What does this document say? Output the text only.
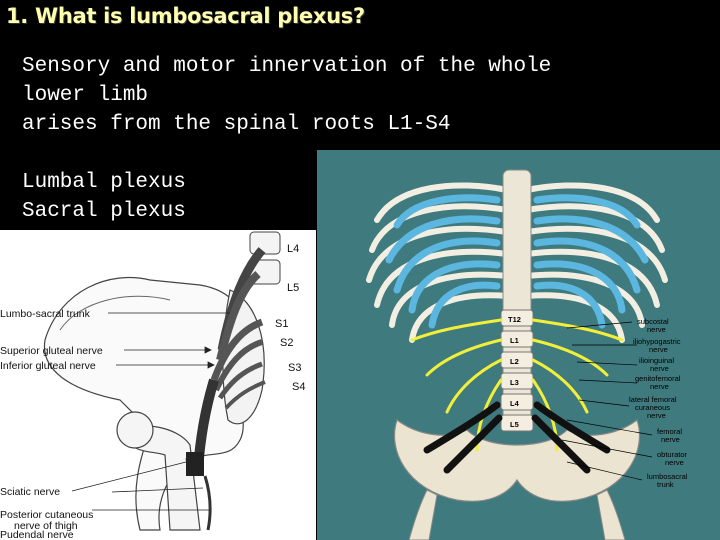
1. What is lumbosacral plexus?
Sensory and motor innervation of the whole
lower limb
arises from the spinal roots L1-S4
Lumbal plexus
Sacral plexus
L4
L5
S1
S2
S3
S4
Lumbo-sacral trunk
Superior gluteal nerve
Inferior gluteal nerve
Sciatic nerve
Posterior cutaneous
nerve of thigh
Pudendal nerve
T12
L1
L2
L3
L4
L5
subcostal
nerve
iliohypogastric
nerve
ilioinguinal
nerve
genitofemoral
nerve
lateral femoral
curaneous
nerve
femoral
nerve
obturator
nerve
lumbosacral
trunk
